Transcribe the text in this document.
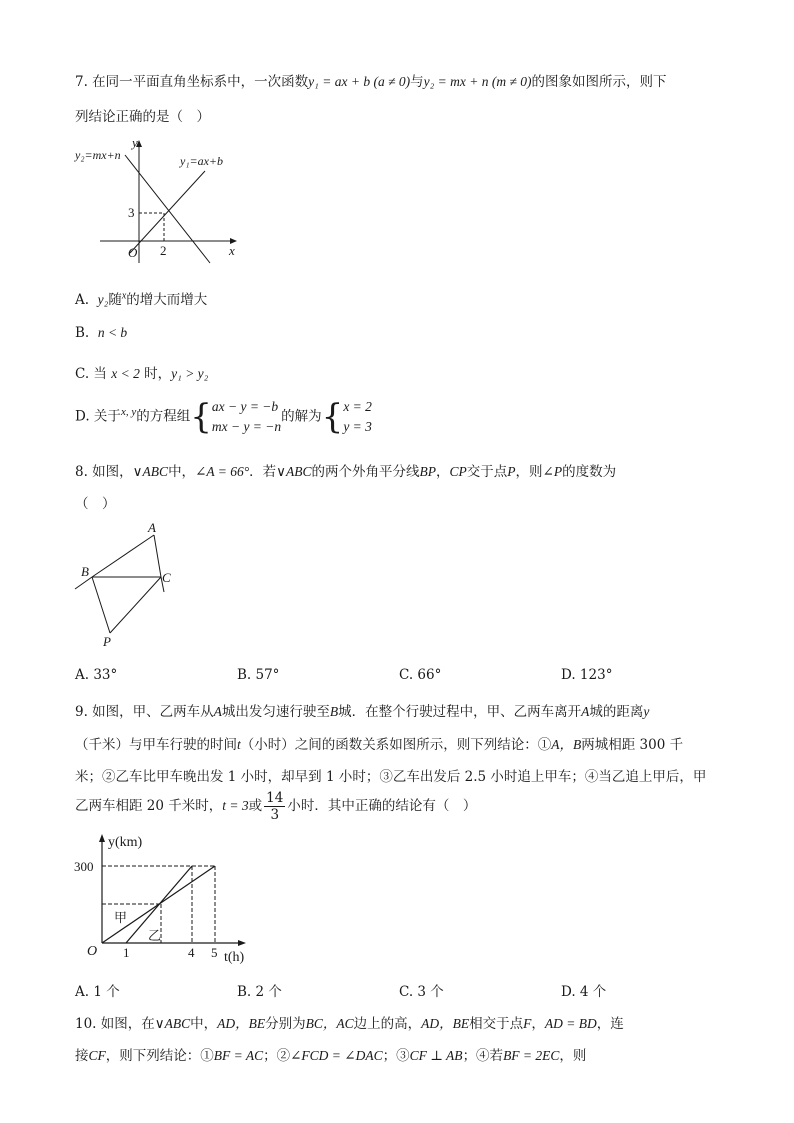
7. 在同一平面直角坐标系中，一次函数y₁ = ax + b (a ≠ 0)与y₂ = mx + n (m ≠ 0)的图象如图所示，则下
列结论正确的是（　）
y
x
O
3
2
y₂=mx+n	y₁=ax+b
A. y₂随$^x$的增大而增大
B. n < b
C. 当 x < 2 时，y₁ > y₂
D. 关于$^{x, y}$的方程组{ ax − y = −b
mx − y = −n
的解为{ x = 2
y = 3
8. 如图，∨ABC中，∠A = 66°．若∨ABC的两个外角平分线BP，CP交于点P，则∠P的度数为
（　）
A
B	C
P
A. 33°	B. 57°	C. 66°	D. 123°
9. 如图，甲、乙两车从A城出发匀速行驶至B城．在整个行驶过程中，甲、乙两车离开A城的距离y
（千米）与甲车行驶的时间t（小时）之间的函数关系如图所示，则下列结论：①A，B两城相距 300 千
米；②乙车比甲车晚出发 1 小时，却早到 1 小时；③乙车出发后 2.5 小时追上甲车；④当乙追上甲后，甲
乙两车相距 20 千米时，t = 3或 $\frac{14}{3}$ 小时．其中正确的结论有（　）
y(km)
t(h)
O
300
1	4 5
甲
乙
A. 1 个	B. 2 个	C. 3 个	D. 4 个
10. 如图，在∨ABC中，AD，BE分别为BC，AC边上的高，AD，BE相交于点F，AD = BD，连
接CF，则下列结论：①BF = AC；②∠FCD = ∠DAC；③CF ⊥ AB；④若BF = 2EC，则
